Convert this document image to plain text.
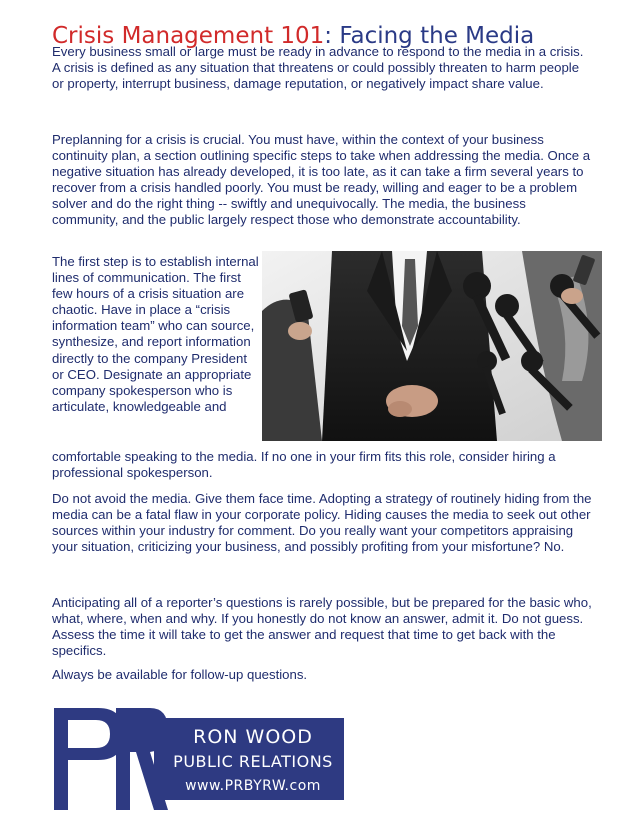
Crisis Management 101: Facing the Media

Every business small or large must be ready in advance to respond to the media in a crisis. A crisis is defined as any situation that threatens or could possibly threaten to harm people or property, interrupt business, damage reputation, or negatively impact share value.

Preplanning for a crisis is crucial. You must have, within the context of your business continuity plan, a section outlining specific steps to take when addressing the media. Once a negative situation has already developed, it is too late, as it can take a firm several years to recover from a crisis handled poorly. You must be ready, willing and eager to be a problem solver and do the right thing -- swiftly and unequivocally. The media, the business community, and the public largely respect those who demonstrate accountability.

The first step is to establish internal lines of communication. The first few hours of a crisis situation are chaotic. Have in place a “crisis information team” who can source, synthesize, and report information directly to the company President or CEO. Designate an appropriate company spokesperson who is articulate, knowledgeable and

comfortable speaking to the media. If no one in your firm fits this role, consider hiring a professional spokesperson.

Do not avoid the media. Give them face time. Adopting a strategy of routinely hiding from the media can be a fatal flaw in your corporate policy. Hiding causes the media to seek out other sources within your industry for comment. Do you really want your competitors appraising your situation, criticizing your business, and possibly profiting from your misfortune? No.

Anticipating all of a reporter’s questions is rarely possible, but be prepared for the basic who, what, where, when and why. If you honestly do not know an answer, admit it. Do not guess. Assess the time it will take to get the answer and request that time to get back with the specifics.

Always be available for follow-up questions.

RON WOOD
PUBLIC RELATIONS
www.PRBYRW.com
